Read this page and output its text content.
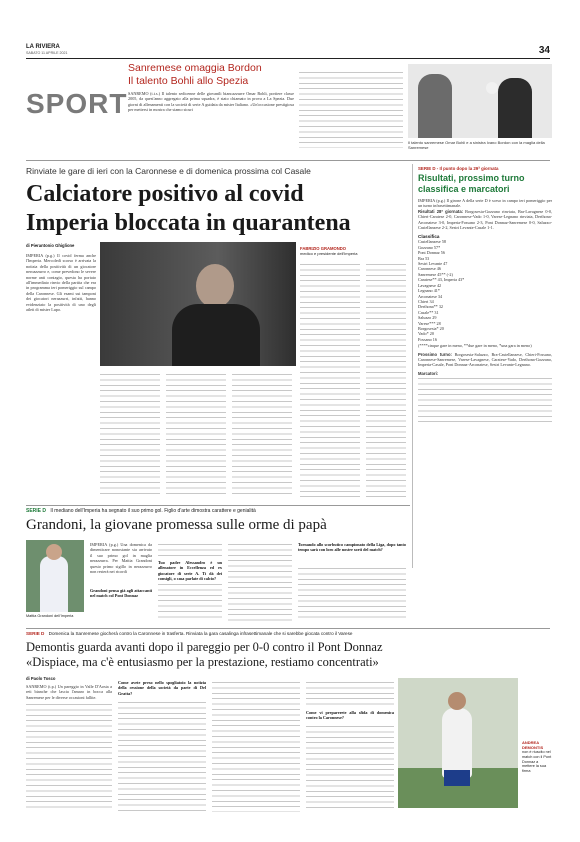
LA RIVIERA
SABATO 11 APRILE 2021	34
SPORT
Sanremese omaggia Bordon
Il talento Bohli allo Spezia
SANREMO (t.t.s.) Il talento sedicenne delle giovanili biancazzurre Omar Bohli, portiere classe 2005, da quest'anno aggregato alla prima squadra, è stato chiamato in prova a La Spezia. Due giorni di allenamenti con la società di serie A guidata da mister Italiano. «Un'occasione prestigiosa per mettersi in mostra che siamo sicuri
Il talento sanremese Omar Bohli e a sinistra Ivano Bordon con la maglia della Sanremese
Rinviate le gare di ieri con la Caronnese e di domenica prossima col Casale
Calciatore positivo al covid
Imperia bloccata in quarantena
di Pierantonio Ghiglione
IMPERIA (p.g.) Il covid ferma anche l'Imperia. Mercoledì scorso è arrivata la notizia della positività di un giocatore neroazzurro e, come prevedono le severe norme anti contagio, questa ha portato all'immediato rinvio della partita che era in programma ieri pomeriggio sul campo della Caronnese. Gli esami sui tamponi dei giocatori nerazzurri, infatti, hanno evidenziato la positività di uno degli atleti di mister Lupo.
FABRIZIO GRAMONDO
medico e presidente dell'Imperia
SERIE D - Il punto dopo la 29ª giornata
Risultati, prossimo turno classifica e marcatori
IMPERIA (p.g.) Il girone A della serie D è sceso in campo ieri pomeriggio per un turno infrasettimanale.
Risultati 28ª giornata: Borgosesia-Gozzano rinviata, Bra-Lavagnese 0-0, Chieri-Caratese 2-0, Caronnese-Vado 1-0, Varese-Legnano rinviata, Derthona-Arconatese 3-0, Imperia-Fossano 2-3, Pont Donnaz-Sanremese 0-0, Saluzzo-Castellanzese 2-2, Sestri Levante-Casale 1-1.
Classifica
Castellanzese 58
Gozzano 57*
Pont Donnaz 56
Bra 53
Sestri Levante 47
Caronnese 46
Sanremese 45** (-2)
Caratese** 43, Imperia 43*
Lavagnese 42
Legnano 41*
Arconatese 34
Chieri 34
Derthona** 32
Casale** 31
Saluzzo 29
Varese*** 28
Borgosesia* 20
Vado* 20
Fossano 16
(****cinque gare in meno, **due gare in meno, *una gara in meno)
Prossimo turno: Borgosesia-Saluzzo, Bra-Castellanzese, Chieri-Fossano, Caronnese-Sanremese, Varese-Lavagnese, Caratese-Vado, Derthona-Gozzano, Imperia-Casale, Pont Donnaz-Arconatese, Sestri Levante-Legnano.
Marcatori:
SERIE D Il mediano dell'Imperia ha segnato il suo primo gol. Figlio d'arte dimostra carattere e genialità
Grandoni, la giovane promessa sulle orme di papà
Mattia Grandoni dell'Imperia
IMPERIA (p.g.) Una domenica da dimenticare nonostante sia arrivato il suo primo gol in maglia nerazzurra. Per Mattia Grandoni questo primo sigillo in nerazzurro non resterà nei ricordi
Grandoni pensa già agli attaccanti nel match col Pont Donnaz
Tuo padre Alessandro è un allenatore in Eccellenza ed ex giocatore di serie A. Ti dà dei consigli, o casa parlate di calcio?
Tornando allo scorbutico campionato della Liga, dopo tanto tempo sarà con loro alle nostre sorti del match?
SERIE D Domenica la Sanremese giocherà contro la Caronnese in trasferta. Rinviata la gara casalinga infrasettimanale che si sarebbe giocata contro il Varese
Demontis guarda avanti dopo il pareggio per 0-0 contro il Pont Donnaz
«Dispiace, ma c'è entusiasmo per la prestazione, restiamo concentrati»
di Paolo Tosco
SANREMO (t.p.) Un pareggio in Valle D'Aosta a reti bianche che lascia l'amaro in bocca alla Sanremese per le diverse occasioni fallite.
Come avete preso nello spogliatoio la notizia della cessione della società da parte di Del Gratta?
Come vi preparerete alla sfida di domenica contro la Caronnese?
ANDREA DEMONTIS
non è riuscito nel match con il Pont Donnaz a mettere la sua firma
